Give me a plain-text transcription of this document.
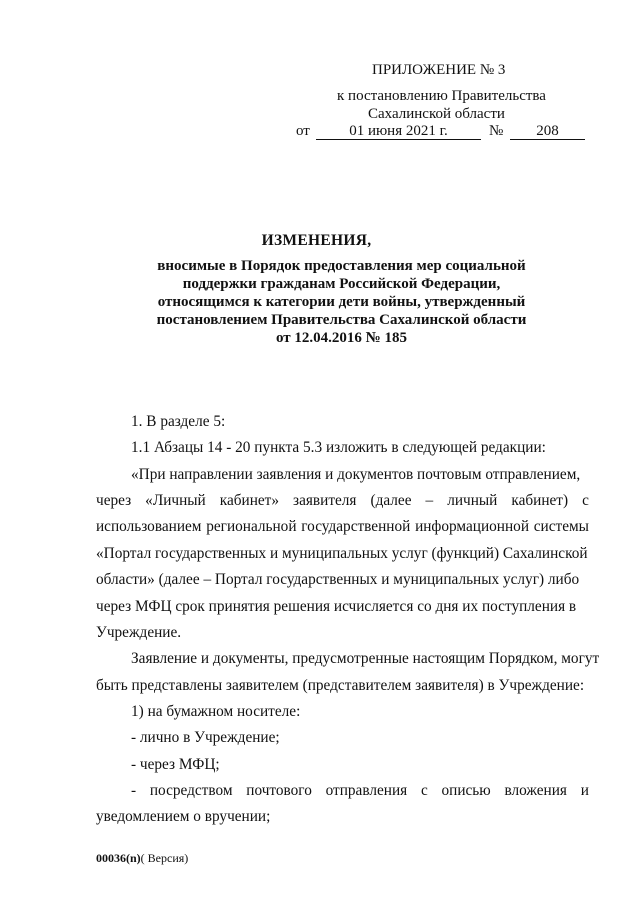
ПРИЛОЖЕНИЕ № 3
к постановлению Правительства
Сахалинской области
от	01 июня 2021 г.	№	208
ИЗМЕНЕНИЯ,
вносимые в Порядок предоставления мер социальной
поддержки гражданам Российской Федерации,
относящимся к категории дети войны, утвержденный
постановлением Правительства Сахалинской области
от 12.04.2016 № 185
1. В разделе 5:
1.1 Абзацы 14 - 20 пункта 5.3 изложить в следующей редакции:
«При направлении заявления и документов почтовым отправлением,
через «Личный кабинет» заявителя (далее – личный кабинет) с
использованием региональной государственной информационной системы
«Портал государственных и муниципальных услуг (функций) Сахалинской
области» (далее – Портал государственных и муниципальных услуг) либо
через МФЦ срок принятия решения исчисляется со дня их поступления в
Учреждение.
Заявление и документы, предусмотренные настоящим Порядком, могут
быть представлены заявителем (представителем заявителя) в Учреждение:
1) на бумажном носителе:
- лично в Учреждение;
- через МФЦ;
- посредством почтового отправления с описью вложения и
уведомлением о вручении;
00036(n)( Версия)
